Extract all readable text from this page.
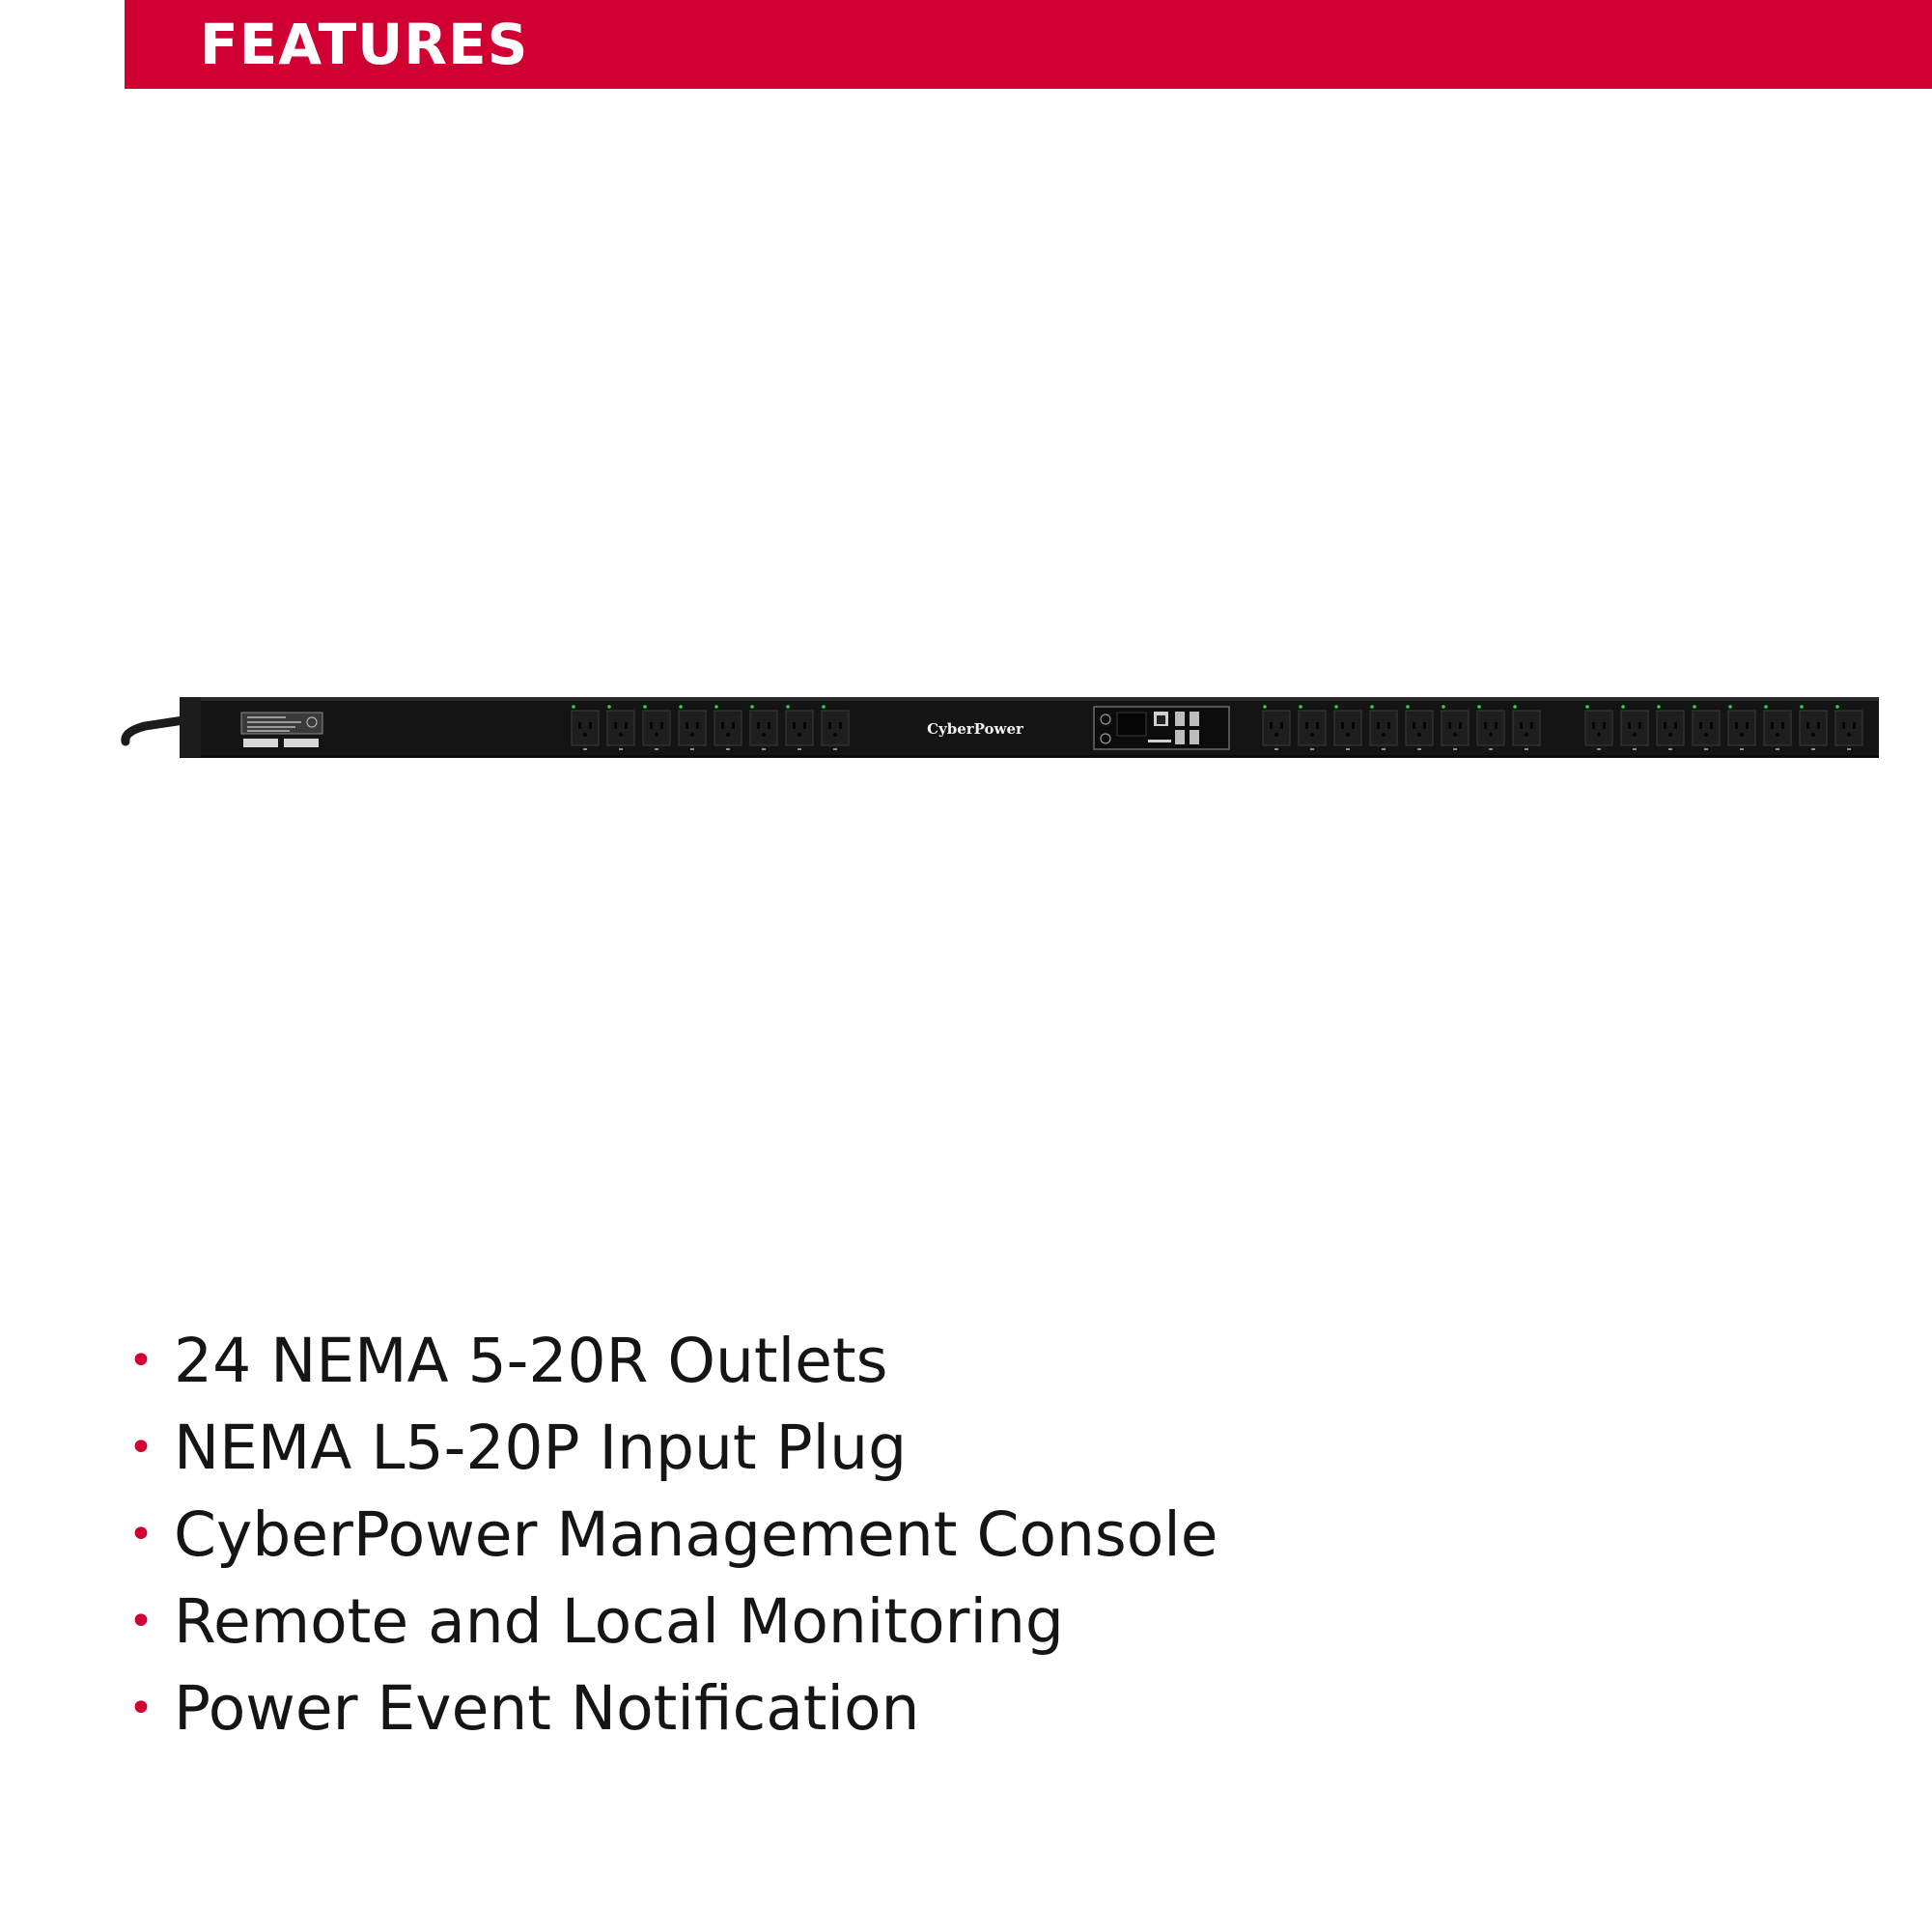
FEATURES
CyberPower
• 24 NEMA 5-20R Outlets
• NEMA L5-20P Input Plug
• CyberPower Management Console
• Remote and Local Monitoring
• Power Event Notification
